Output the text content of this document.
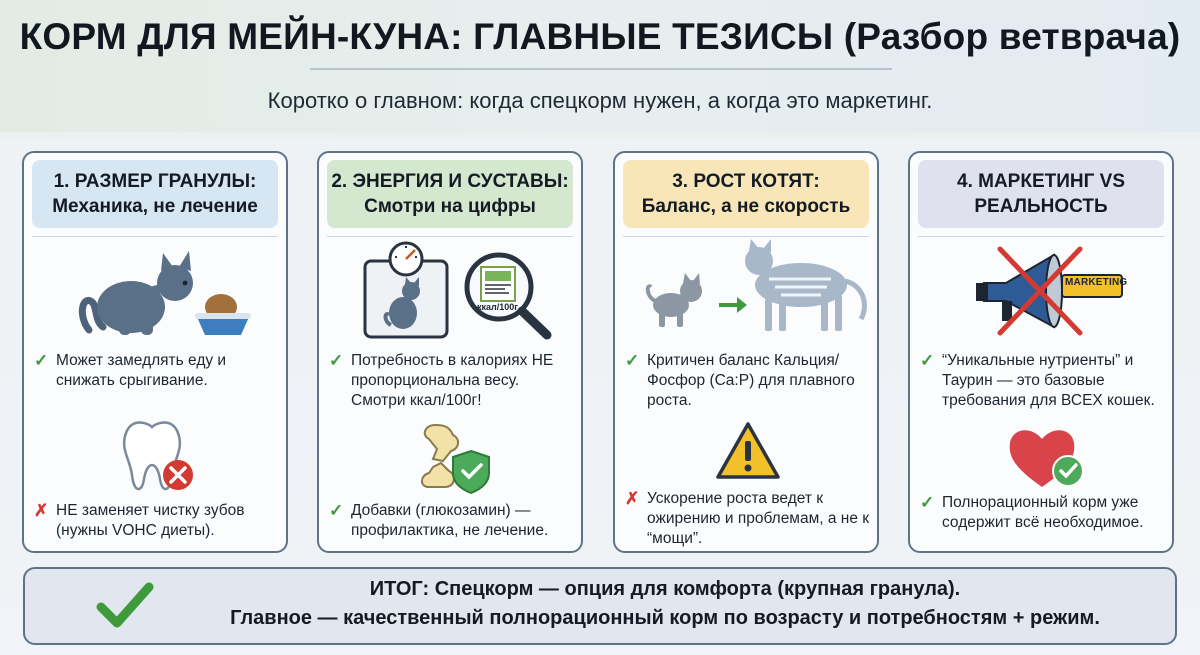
КОРМ ДЛЯ МЕЙН-КУНА: ГЛАВНЫЕ ТЕЗИСЫ (Разбор ветврача)
Коротко о главном: когда спецкорм нужен, а когда это маркетинг.
1. РАЗМЕР ГРАНУЛЫ:
Механика, не лечение
✓ Может замедлять еду и снижать срыгивание.
✗ НЕ заменяет чистку зубов (нужны VOHC диеты).
2. ЭНЕРГИЯ И СУСТАВЫ:
Смотри на цифры
ккал/100г
✓ Потребность в калориях НЕ пропорциональна весу. Смотри ккал/100г!
✓ Добавки (глюкозамин) — профилактика, не лечение.
3. РОСТ КОТЯТ:
Баланс, а не скорость
✓ Критичен баланс Кальция/Фосфор (Ca:P) для плавного роста.
✗ Ускорение роста ведет к ожирению и проблемам, а не к “мощи”.
4. МАРКЕТИНГ VS
РЕАЛЬНОСТЬ
MARKETING
✓ “Уникальные нутриенты” и Таурин — это базовые требования для ВСЕХ кошек.
✓ Полнорационный корм уже содержит всё необходимое.
ИТОГ: Спецкорм — опция для комфорта (крупная гранула).
Главное — качественный полнорационный корм по возрасту и потребностям + режим.
